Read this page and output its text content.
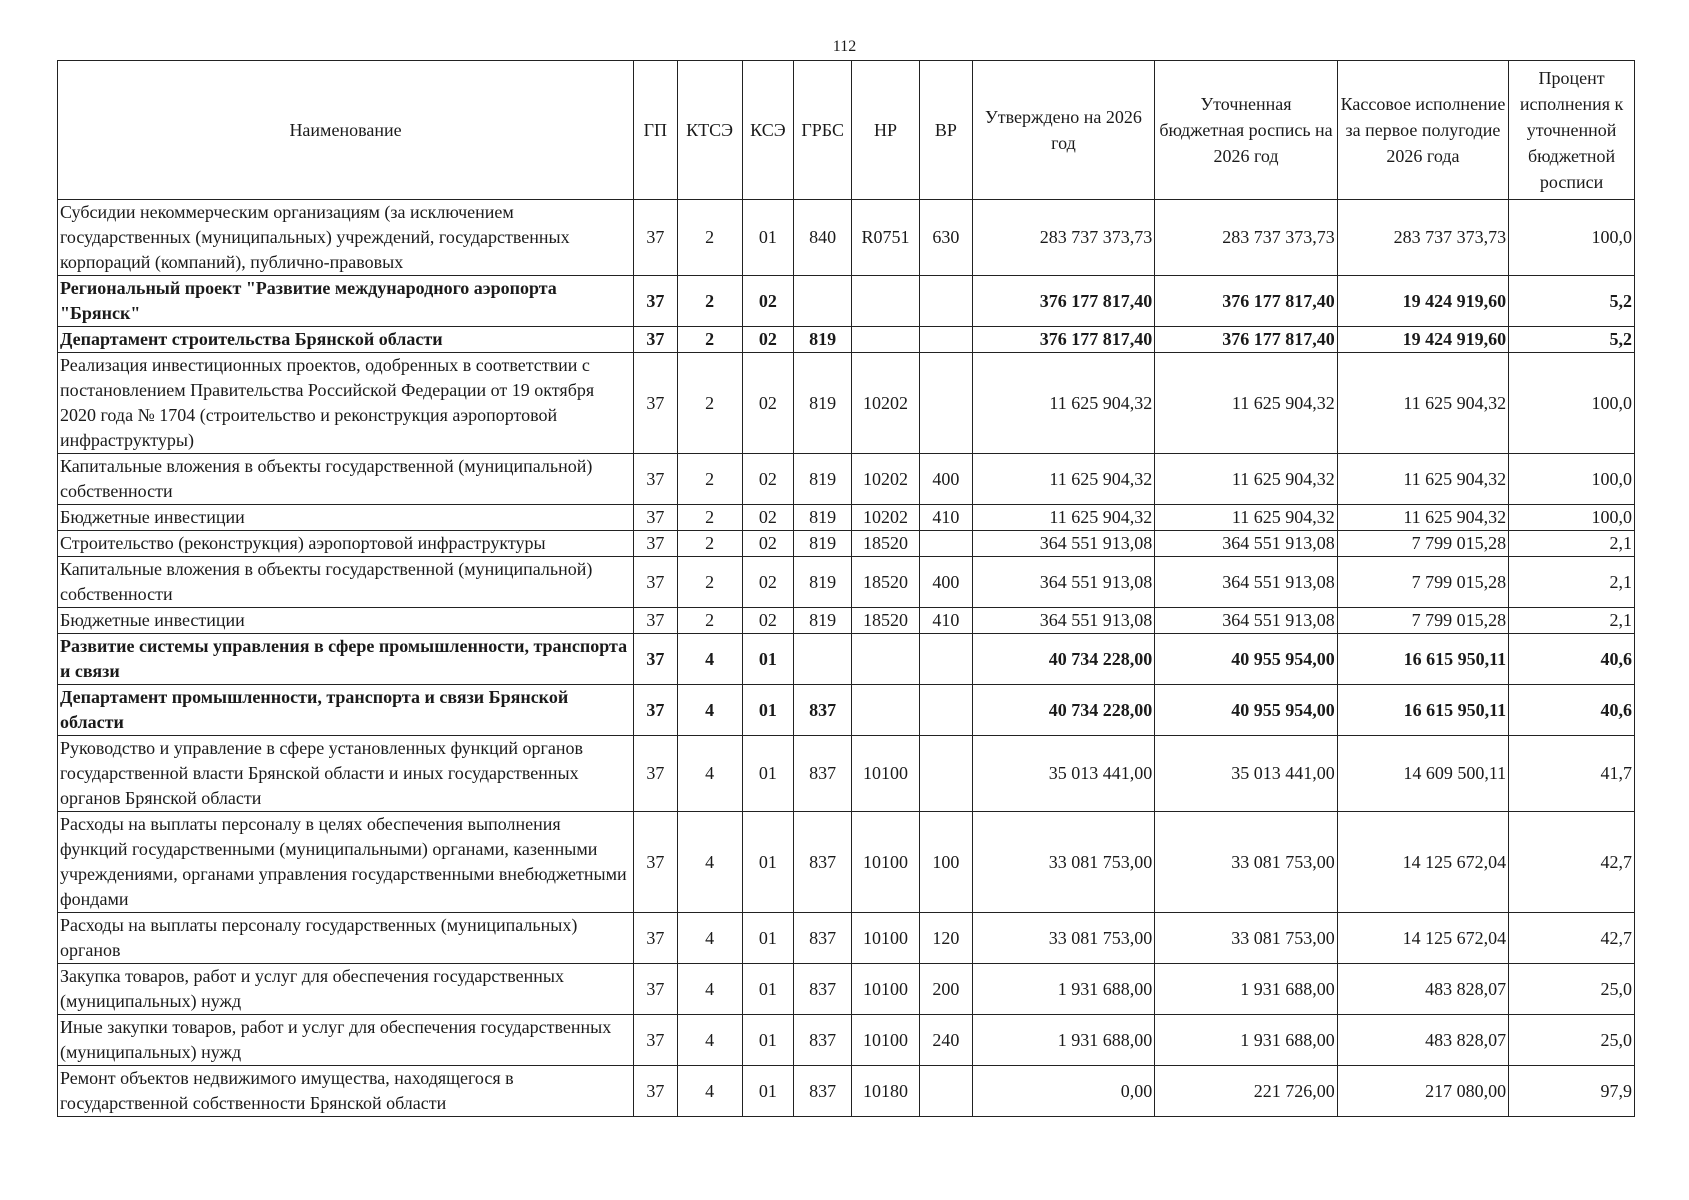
112
Наименование	ГП	КТСЭ	КСЭ	ГРБС	НР	ВР	Утверждено на 2026 год	Уточненная бюджетная роспись на 2026 год	Кассовое исполнение за первое полугодие 2026 года	Процент исполнения к уточненной бюджетной росписи

Субсидии некоммерческим организациям (за исключением государственных (муниципальных) учреждений, государственных корпораций (компаний), публично-правовых	37	2	01	840	R0751	630	283 737 373,73	283 737 373,73	283 737 373,73	100,0
Региональный проект "Развитие международного аэропорта "Брянск"	37	2	02				376 177 817,40	376 177 817,40	19 424 919,60	5,2
Департамент строительства Брянской области	37	2	02	819			376 177 817,40	376 177 817,40	19 424 919,60	5,2
Реализация инвестиционных проектов, одобренных в соответствии с постановлением Правительства Российской Федерации от 19 октября 2020 года № 1704 (строительство и реконструкция аэропортовой инфраструктуры)	37	2	02	819	10202		11 625 904,32	11 625 904,32	11 625 904,32	100,0
Капитальные вложения в объекты государственной (муниципальной) собственности	37	2	02	819	10202	400	11 625 904,32	11 625 904,32	11 625 904,32	100,0
Бюджетные инвестиции	37	2	02	819	10202	410	11 625 904,32	11 625 904,32	11 625 904,32	100,0
Строительство (реконструкция) аэропортовой инфраструктуры	37	2	02	819	18520		364 551 913,08	364 551 913,08	7 799 015,28	2,1
Капитальные вложения в объекты государственной (муниципальной) собственности	37	2	02	819	18520	400	364 551 913,08	364 551 913,08	7 799 015,28	2,1
Бюджетные инвестиции	37	2	02	819	18520	410	364 551 913,08	364 551 913,08	7 799 015,28	2,1
Развитие системы управления в сфере промышленности, транспорта и связи	37	4	01				40 734 228,00	40 955 954,00	16 615 950,11	40,6
Департамент промышленности, транспорта и связи Брянской области	37	4	01	837			40 734 228,00	40 955 954,00	16 615 950,11	40,6
Руководство и управление в сфере установленных функций органов государственной власти Брянской области и иных государственных органов Брянской области	37	4	01	837	10100		35 013 441,00	35 013 441,00	14 609 500,11	41,7
Расходы на выплаты персоналу в целях обеспечения выполнения функций государственными (муниципальными) органами, казенными учреждениями, органами управления государственными внебюджетными фондами	37	4	01	837	10100	100	33 081 753,00	33 081 753,00	14 125 672,04	42,7
Расходы на выплаты персоналу государственных (муниципальных) органов	37	4	01	837	10100	120	33 081 753,00	33 081 753,00	14 125 672,04	42,7
Закупка товаров, работ и услуг для обеспечения государственных (муниципальных) нужд	37	4	01	837	10100	200	1 931 688,00	1 931 688,00	483 828,07	25,0
Иные закупки товаров, работ и услуг для обеспечения государственных (муниципальных) нужд	37	4	01	837	10100	240	1 931 688,00	1 931 688,00	483 828,07	25,0
Ремонт объектов недвижимого имущества, находящегося в государственной собственности Брянской области	37	4	01	837	10180		0,00	221 726,00	217 080,00	97,9
